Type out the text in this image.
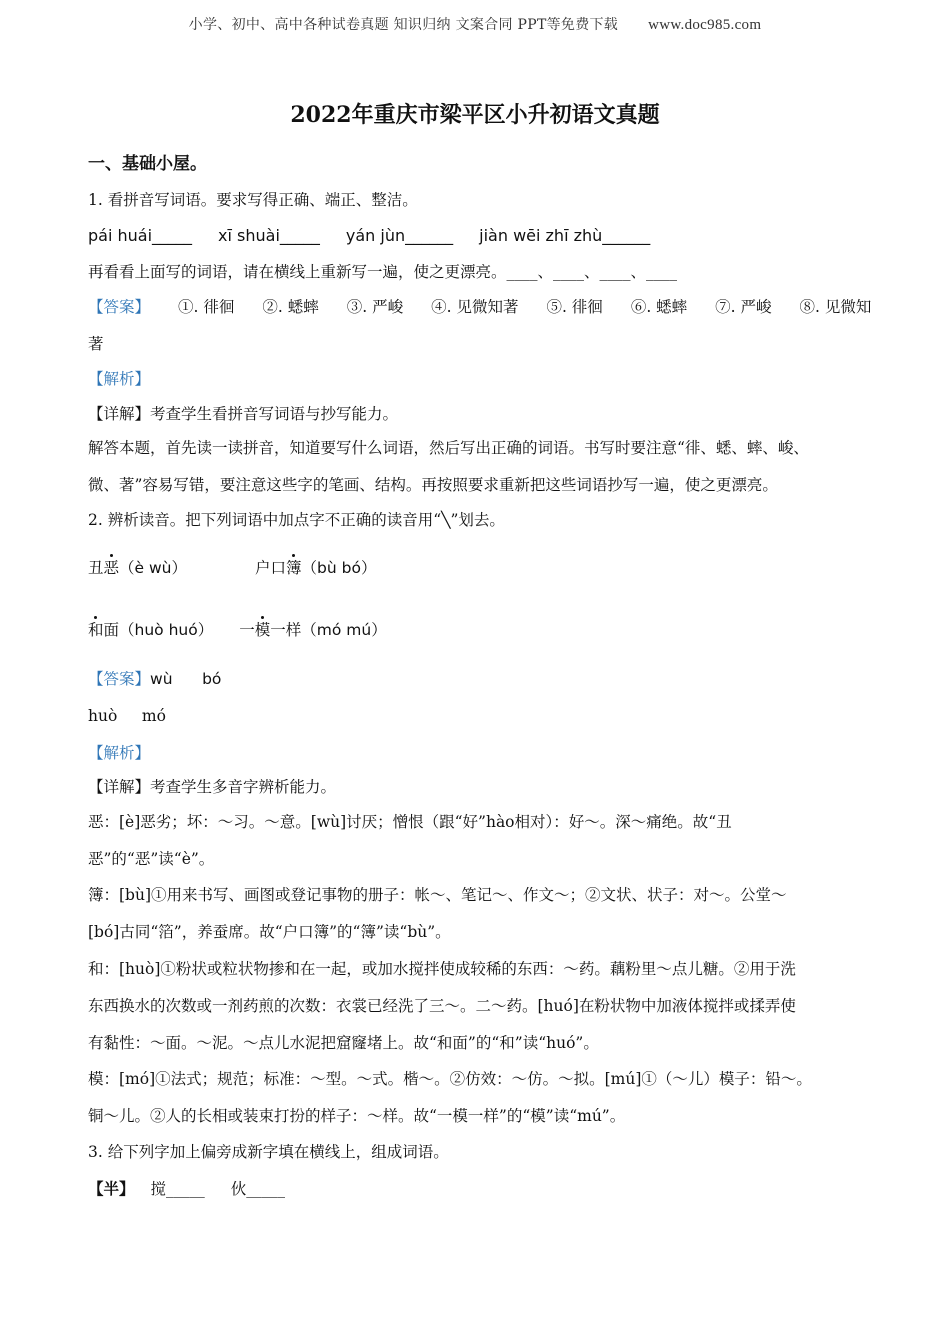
小学、初中、高中各种试卷真题 知识归纳 文案合同 PPT等免费下载 www.doc985.com
2022年重庆市梁平区小升初语文真题
一、基础小屋。
1. 看拼音写词语。要求写得正确、端正、整洁。
pái huái_____ xī shuài_____ yán jùn______ jiàn wēi zhī zhù______
再看看上面写的词语，请在横线上重新写一遍，使之更漂亮。____、____、____、____
【答案】 ①. 徘徊 ②. 蟋蟀 ③. 严峻 ④. 见微知著 ⑤. 徘徊 ⑥. 蟋蟀 ⑦. 严峻 ⑧. 见微知
著
【解析】
【详解】考查学生看拼音写词语与抄写能力。
解答本题，首先读一读拼音，知道要写什么词语，然后写出正确的词语。书写时要注意“徘、蟋、蟀、峻、
微、著”容易写错，要注意这些字的笔画、结构。再按照要求重新把这些词语抄写一遍，使之更漂亮。
2. 辨析读音。把下列词语中加点字不正确的读音用“╲”划去。
丑恶（è wù）	户口簿（bù bó）
和面（huò huó） 一模一样（mó mú）
【答案】wù      bó
huò     mó
【解析】
【详解】考查学生多音字辨析能力。
恶：[è]恶劣；坏：～习。～意。[wù]讨厌；憎恨（跟“好”hào相对）：好～。深～痛绝。故“丑
恶”的“恶”读“è”。
簿：[bù]①用来书写、画图或登记事物的册子：帐～、笔记～、作文～；②文状、状子：对～。公堂～
[bó]古同“箔”，养蚕席。故“户口簿”的“簿”读“bù”。
和：[huò]①粉状或粒状物掺和在一起，或加水搅拌使成较稀的东西：～药。藕粉里～点儿糖。②用于洗
东西换水的次数或一剂药煎的次数：衣裳已经洗了三～。二～药。[huó]在粉状物中加液体搅拌或揉弄使
有黏性：～面。～泥。～点儿水泥把窟窿堵上。故“和面”的“和”读“huó”。
模：[mó]①法式；规范；标准：～型。～式。楷～。②仿效：～仿。～拟。[mú]①（～儿）模子：铅～。
铜～儿。②人的长相或装束打扮的样子：～样。故“一模一样”的“模”读“mú”。
3. 给下列字加上偏旁成新字填在横线上，组成词语。
【半】 搅_____ 伙_____
